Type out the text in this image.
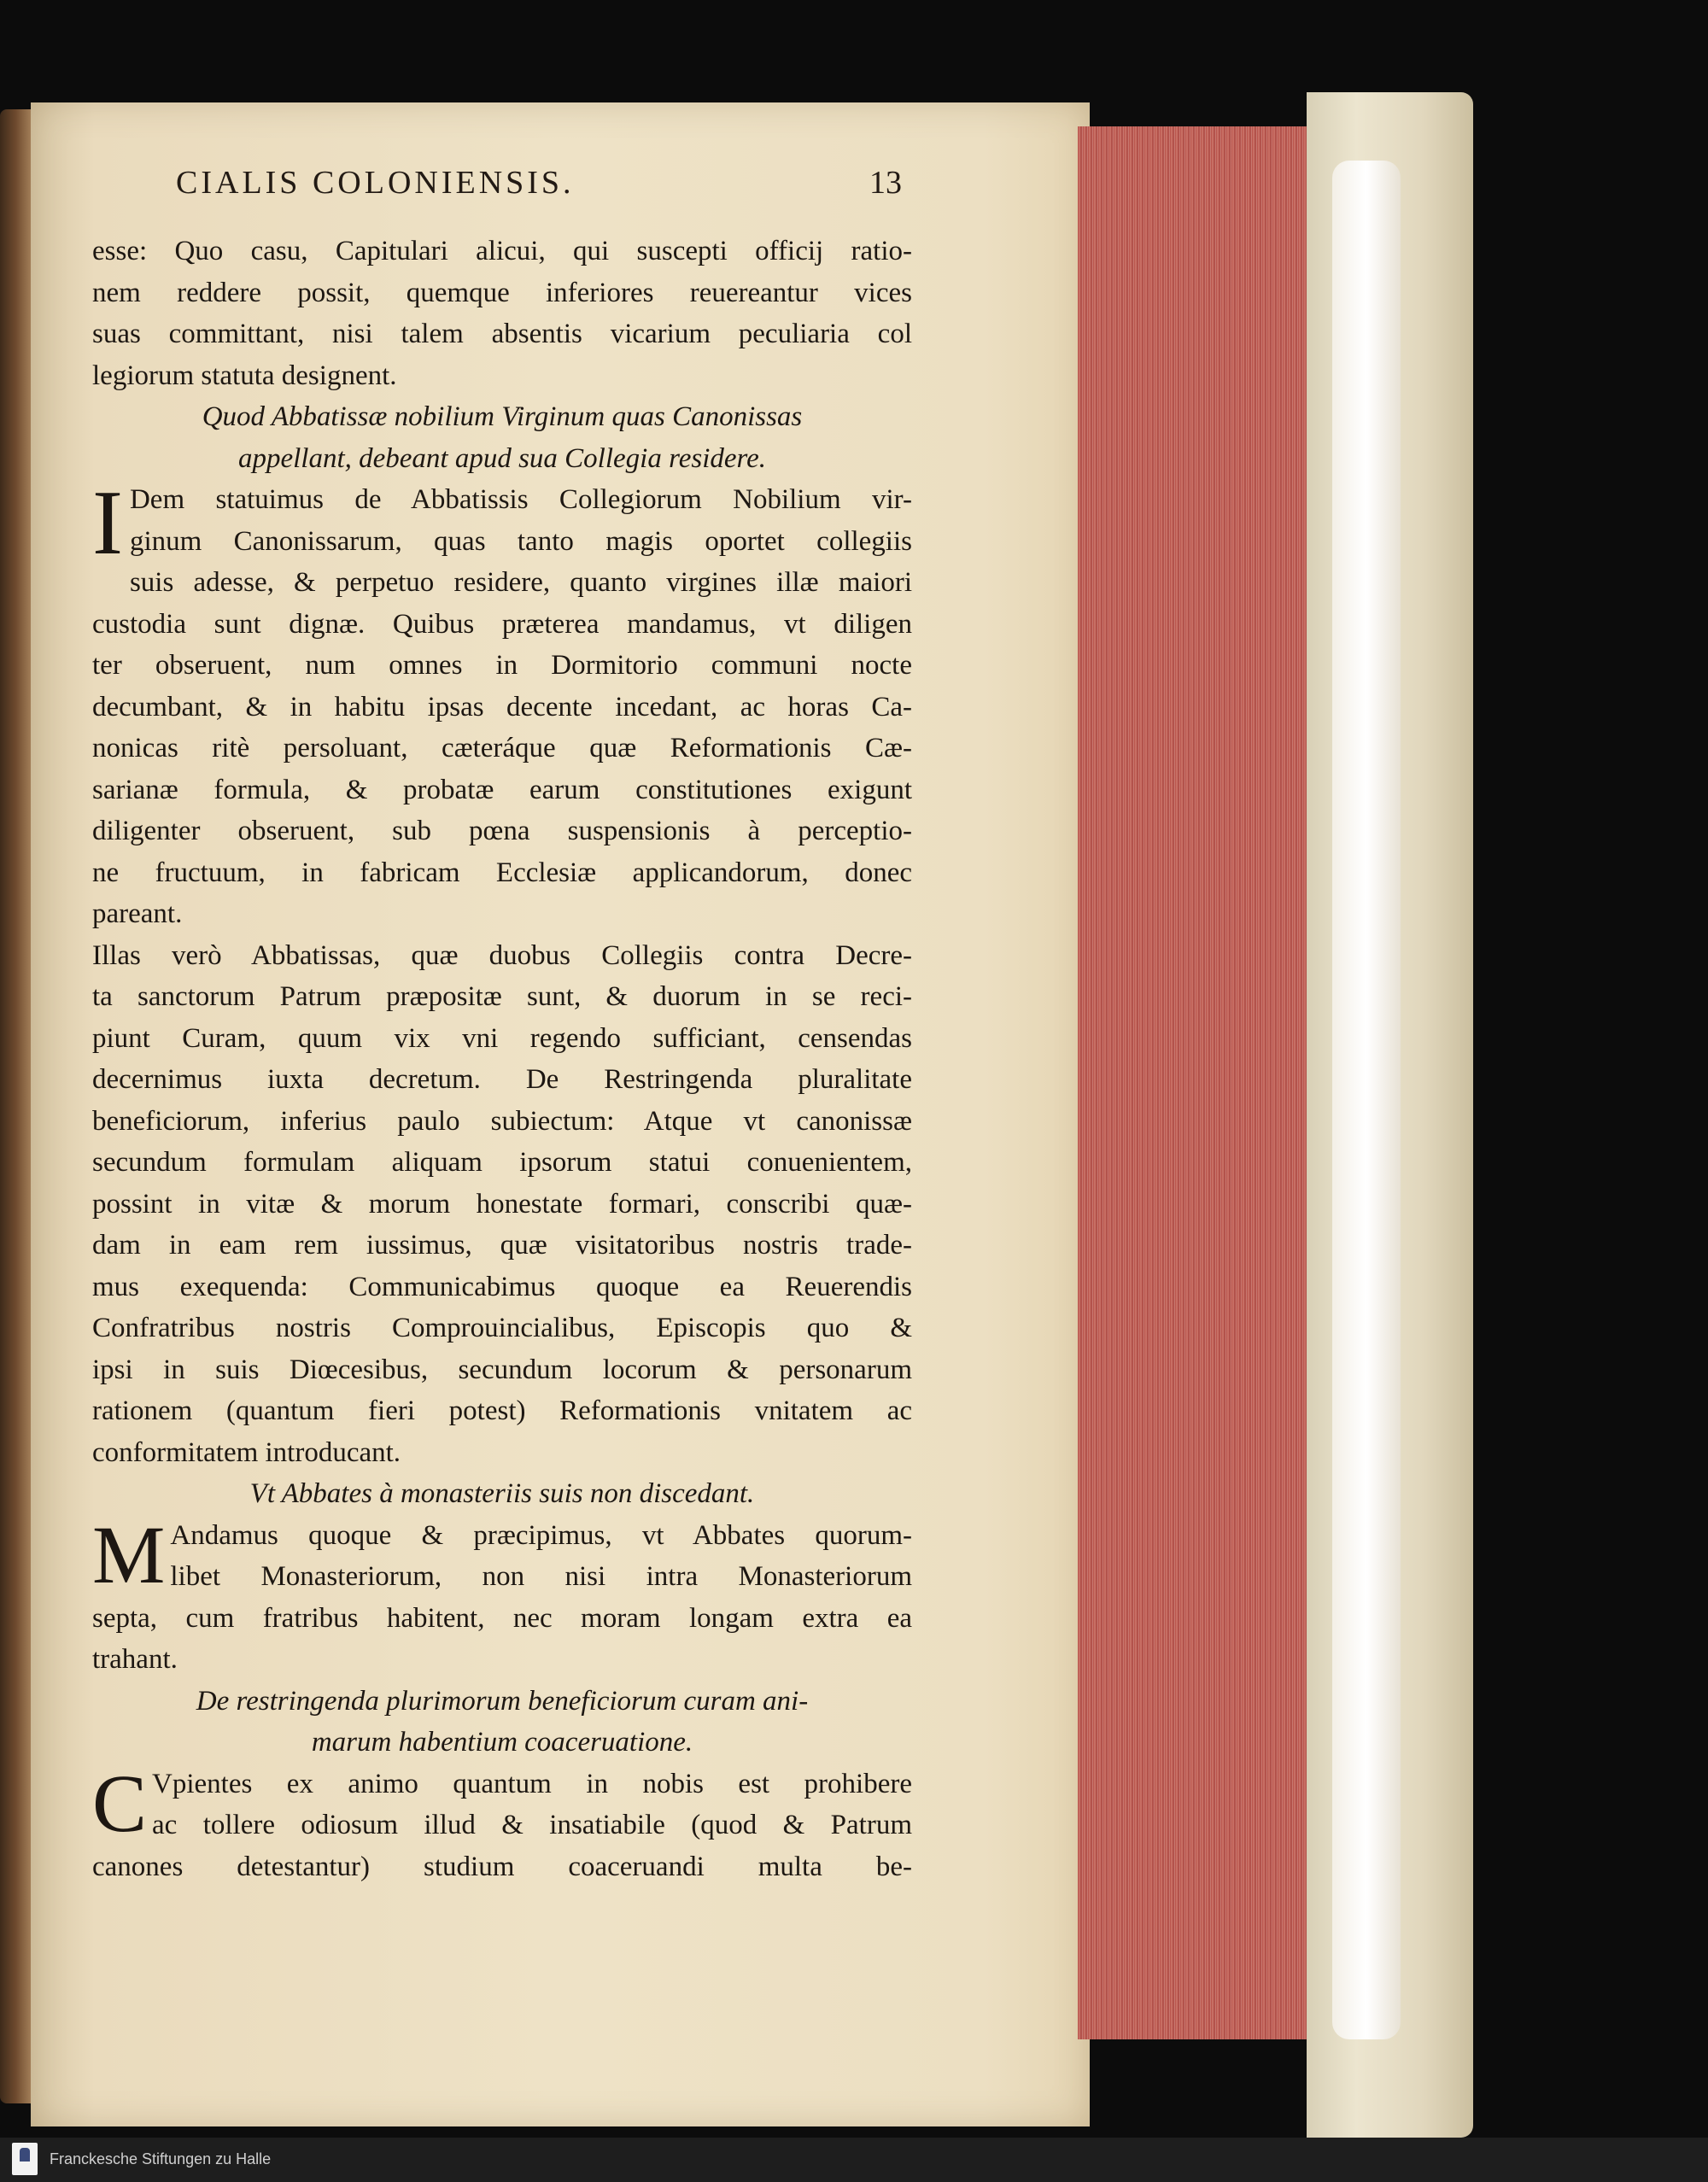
CIALIS COLONIENSIS.	13
esse: Quo casu, Capitulari alicui, qui suscepti officij ratio-
nem reddere possit, quemque inferiores reuereantur vices
suas committant, nisi talem absentis vicarium peculiaria col
legiorum statuta designent.
Quod Abbatissæ nobilium Virginum quas Canonissas
appellant, debeant apud sua Collegia residere.
I Dem statuimus de Abbatissis Collegiorum Nobilium vir-
ginum Canonissarum, quas tanto magis oportet collegiis
suis adesse, & perpetuo residere, quanto virgines illæ maiori
custodia sunt dignæ. Quibus præterea mandamus, vt diligen
ter obseruent, num omnes in Dormitorio communi nocte
decumbant, & in habitu ipsas decente incedant, ac horas Ca-
nonicas ritè persoluant, cæteráque quæ Reformationis Cæ-
sarianæ formula, & probatæ earum constitutiones exigunt
diligenter obseruent, sub pœna suspensionis à perceptio-
ne fructuum, in fabricam Ecclesiæ applicandorum, donec
pareant.
Illas verò Abbatissas, quæ duobus Collegiis contra Decre-
ta sanctorum Patrum præpositæ sunt, & duorum in se reci-
piunt Curam, quum vix vni regendo sufficiant, censendas
decernimus iuxta decretum. De Restringenda pluralitate
beneficiorum, inferius paulo subiectum: Atque vt canonissæ
secundum formulam aliquam ipsorum statui conuenientem,
possint in vitæ & morum honestate formari, conscribi quæ-
dam in eam rem iussimus, quæ visitatoribus nostris trade-
mus exequenda: Communicabimus quoque ea Reuerendis
Confratribus nostris Comprouincialibus, Episcopis quo &
ipsi in suis Diœcesibus, secundum locorum & personarum
rationem (quantum fieri potest) Reformationis vnitatem ac
conformitatem introducant.
Vt Abbates à monasteriis suis non discedant.
M Andamus quoque & præcipimus, vt Abbates quorum-
libet Monasteriorum, non nisi intra Monasteriorum
septa, cum fratribus habitent, nec moram longam extra ea
trahant.
De restringenda plurimorum beneficiorum curam ani-
marum habentium coaceruatione.
C Vpientes ex animo quantum in nobis est prohibere
ac tollere odiosum illud & insatiabile (quod & Patrum
canones detestantur) studium coaceruandi multa be-
Franckesche Stiftungen zu Halle
